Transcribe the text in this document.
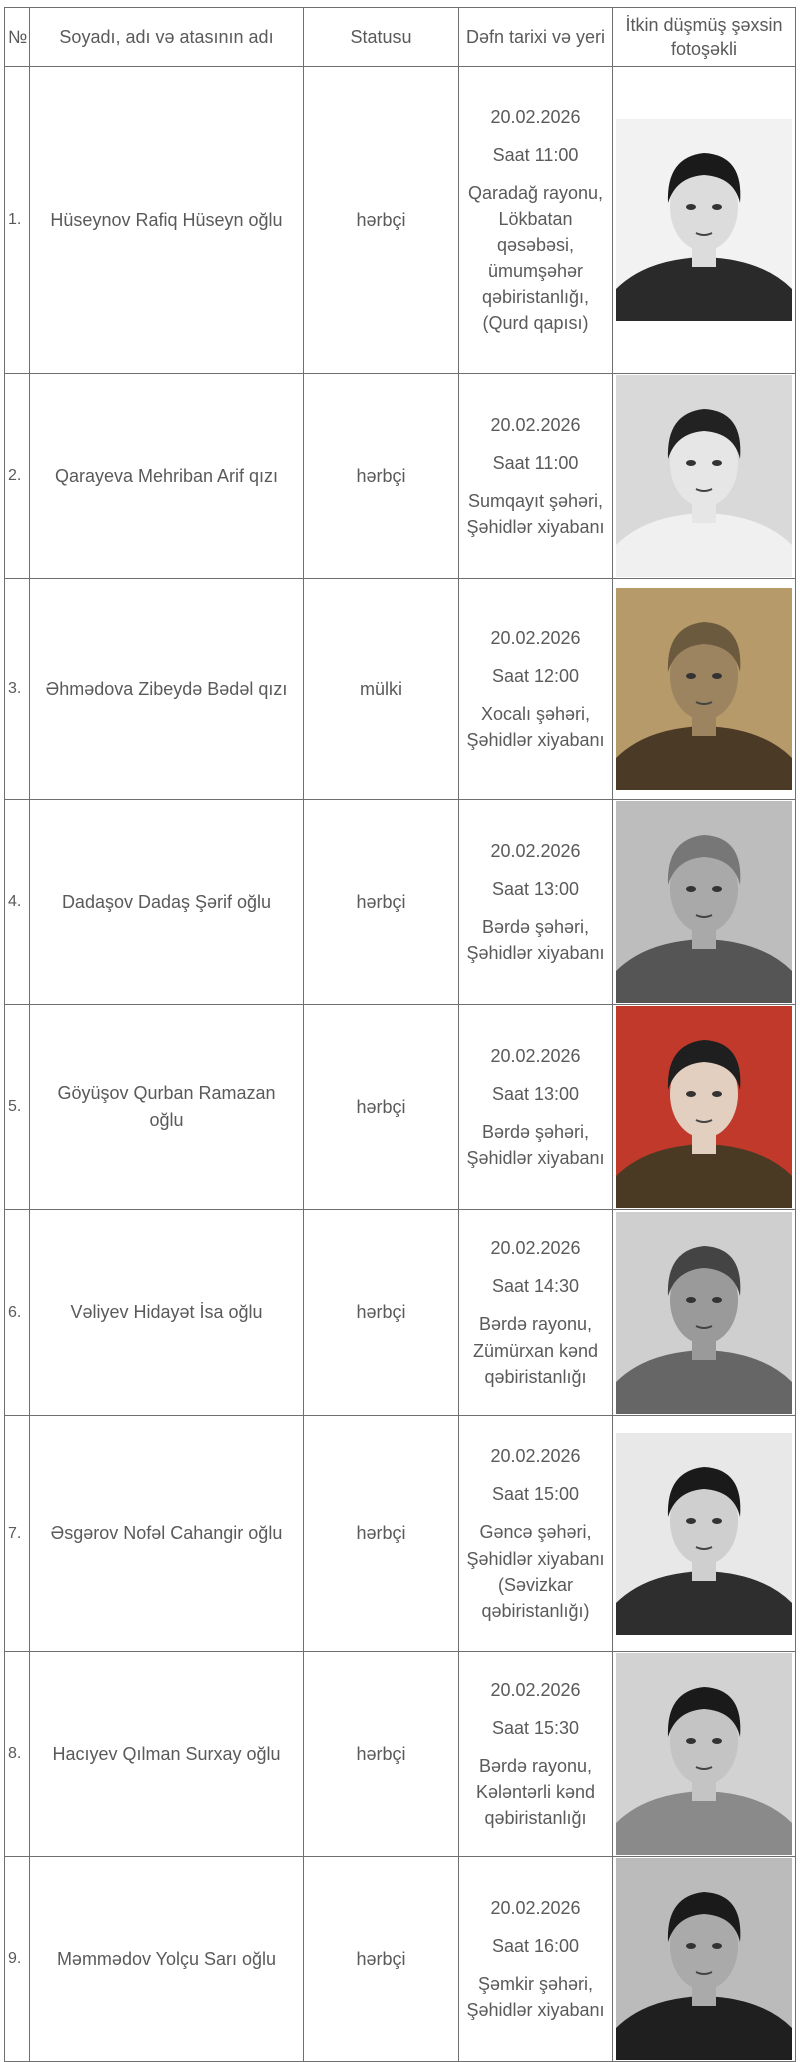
№	Soyadı, adı və atasının adı	Statusu	Dəfn tarixi və yeri	İtkin düşmüş şəxsin fotoşəkli
1.	Hüseynov Rafiq Hüseyn oğlu	hərbçi	20.02.2026
Saat 11:00
Qaradağ rayonu, Lökbatan qəsəbəsi, ümumşəhər qəbiristanlığı, (Qurd qapısı)

2.	Qarayeva Mehriban Arif qızı	hərbçi	20.02.2026
Saat 11:00
Sumqayıt şəhəri, Şəhidlər xiyabanı

3.	Əhmədova Zibeydə Bədəl qızı	mülki	20.02.2026
Saat 12:00
Xocalı şəhəri, Şəhidlər xiyabanı

4.	Dadaşov Dadaş Şərif oğlu	hərbçi	20.02.2026
Saat 13:00
Bərdə şəhəri, Şəhidlər xiyabanı

5.	Göyüşov Qurban Ramazan oğlu	hərbçi	20.02.2026
Saat 13:00
Bərdə şəhəri, Şəhidlər xiyabanı

6.	Vəliyev Hidayət İsa oğlu	hərbçi	20.02.2026
Saat 14:30
Bərdə rayonu, Zümürxan kənd qəbiristanlığı

7.	Əsgərov Nofəl Cahangir oğlu	hərbçi	20.02.2026
Saat 15:00
Gəncə şəhəri, Şəhidlər xiyabanı (Səvizkar qəbiristanlığı)

8.	Hacıyev Qılman Surxay oğlu	hərbçi	20.02.2026
Saat 15:30
Bərdə rayonu, Kələntərli kənd qəbiristanlığı

9.	Məmmədov Yolçu Sarı oğlu	hərbçi	20.02.2026
Saat 16:00
Şəmkir şəhəri, Şəhidlər xiyabanı
